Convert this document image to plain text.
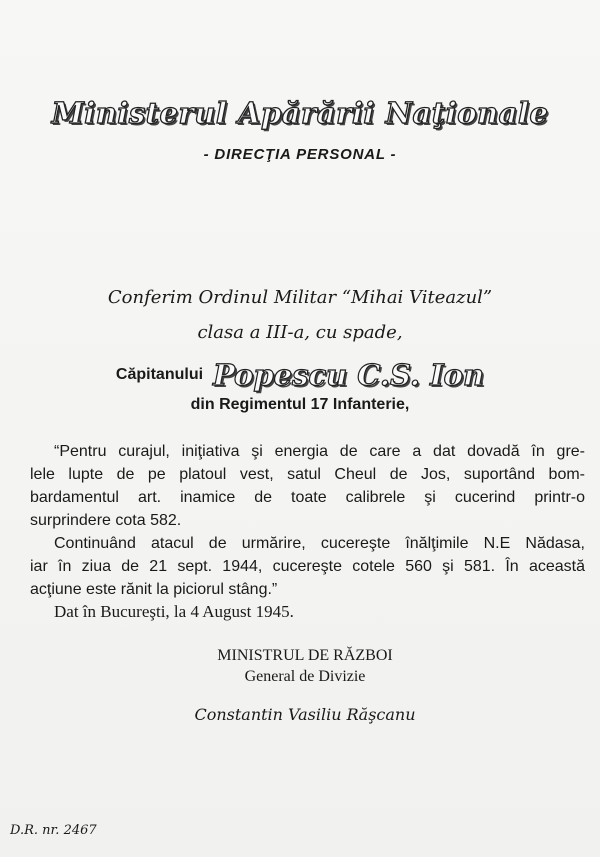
Ministerul Apărării Naţionale
- DIRECŢIA PERSONAL -
Conferim Ordinul Militar “Mihai Viteazul”
clasa a III-a, cu spade,
Căpitanului Popescu C.S. Ion
din Regimentul 17 Infanterie,
“Pentru curajul, iniţiativa şi energia de care a dat dovadă în gre-
lele lupte de pe platoul vest, satul Cheul de Jos, suportând bom-
bardamentul art. inamice de toate calibrele şi cucerind printr-o
surprindere cota 582.
Continuând atacul de urmărire, cucereşte înălţimile N.E Nădasa,
iar în ziua de 21 sept. 1944, cucereşte cotele 560 şi 581. În această
acţiune este rănit la piciorul stâng.”
Dat în Bucureşti, la 4 August 1945.
MINISTRUL DE RĂZBOI
General de Divizie
Constantin Vasiliu Răşcanu
D.R. nr. 2467
